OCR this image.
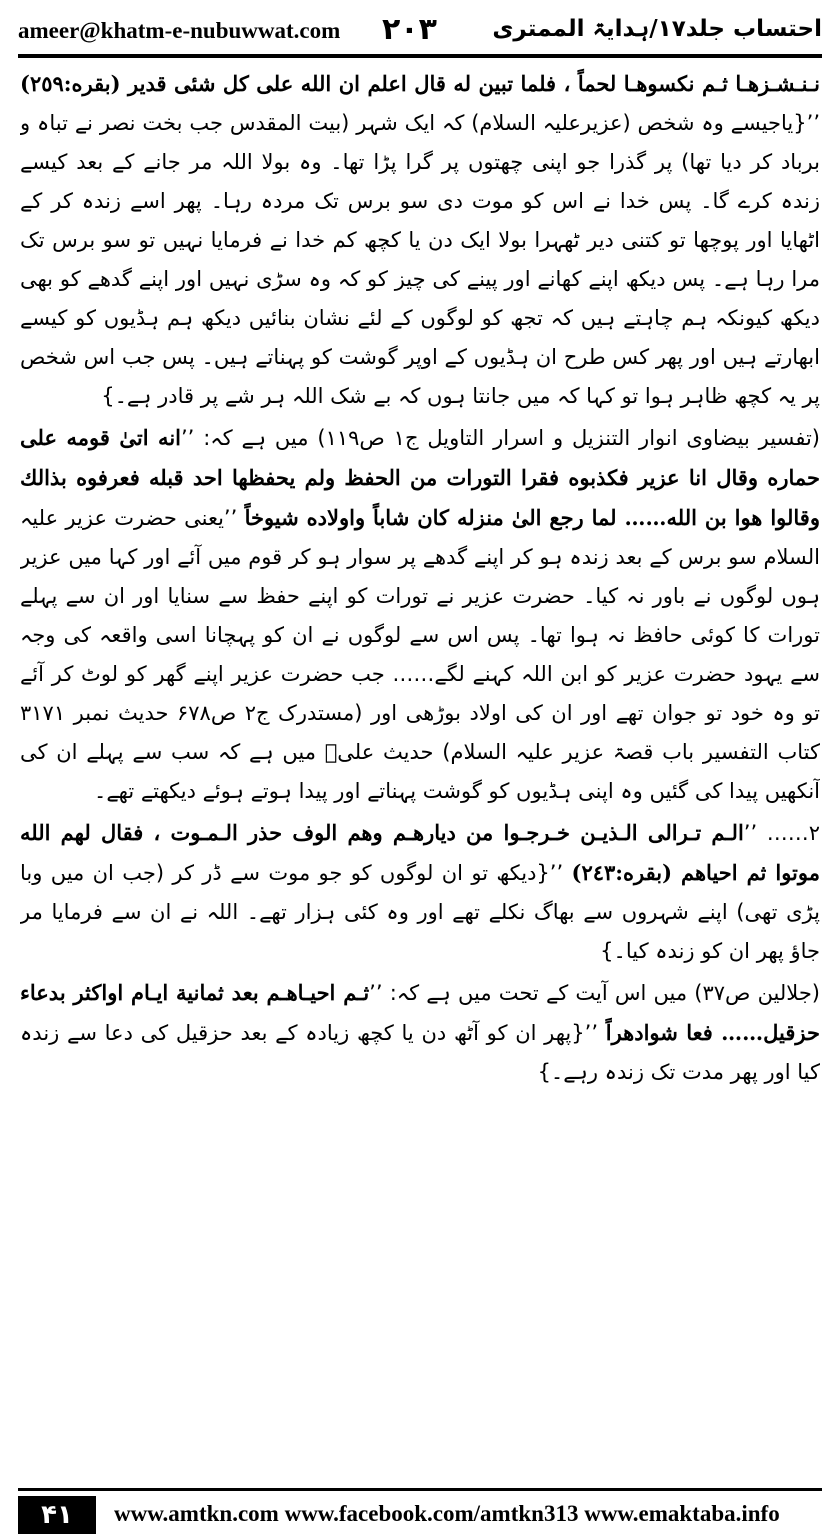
ameer@khatm-e-nubuwwat.com ۲۰۳ احتساب جلد۱۷/ہدایۃ الممتری

نـنـشـزهـا ثـم نكسوهـا لحماً ، فلما تبين له قال اعلم ان الله على كل شئى قدير (بقره:٢٥٩) ’’{یاجیسے وہ شخص (عزیرعلیہ السلام) کہ ایک شہر (بیت المقدس جب بخت نصر نے تباہ و برباد کر دیا تھا) پر گذرا جو اپنی چھتوں پر گرا پڑا تھا۔ وہ بولا اللہ مر جانے کے بعد کیسے زندہ کرے گا۔ پس خدا نے اس کو موت دی سو برس تک مردہ رہا۔ پھر اسے زندہ کر کے اٹھایا اور پوچھا تو کتنی دیر ٹھہرا بولا ایک دن یا کچھ کم خدا نے فرمایا نہیں تو سو برس تک مرا رہا ہے۔ پس دیکھ اپنے کھانے اور پینے کی چیز کو کہ وہ سڑی نہیں اور اپنے گدھے کو بھی دیکھ کیونکہ ہم چاہتے ہیں کہ تجھ کو لوگوں کے لئے نشان بنائیں دیکھ ہم ہڈیوں کو کیسے ابھارتے ہیں اور پھر کس طرح ان ہڈیوں کے اوپر گوشت کو پہناتے ہیں۔ پس جب اس شخص پر یہ کچھ ظاہر ہوا تو کہا کہ میں جانتا ہوں کہ بے شک اللہ ہر شے پر قادر ہے۔}

(تفسیر بیضاوی انوار التنزیل و اسرار التاویل ج۱ ص۱۱۹) میں ہے کہ: ’’انه اتىٰ قومه على حماره وقال انا عزير فكذبوه فقرا التورات من الحفظ ولم يحفظها احد قبله فعرفوه بذالك وقالوا هوا بن الله…… لما رجع الىٰ منزله كان شاباً واولاده شيوخاً ’’یعنی حضرت عزیر علیہ السلام سو برس کے بعد زندہ ہو کر اپنے گدھے پر سوار ہو کر قوم میں آئے اور کہا میں عزیر ہوں لوگوں نے باور نہ کیا۔ حضرت عزیر نے تورات کو اپنے حفظ سے سنایا اور ان سے پہلے تورات کا کوئی حافظ نہ ہوا تھا۔ پس اس سے لوگوں نے ان کو پہچانا اسی واقعہ کی وجہ سے یہود حضرت عزیر کو ابن اللہ کہنے لگے…… جب حضرت عزیر اپنے گھر کو لوٹ کر آئے تو وہ خود تو جوان تھے اور ان کی اولاد بوڑھی اور (مستدرک ج۲ ص۶۷۸ حدیث نمبر ۳۱۷۱ کتاب التفسیر باب قصۃ عزیر علیہ السلام) حدیث علیؓ میں ہے کہ سب سے پہلے ان کی آنکھیں پیدا کی گئیں وہ اپنی ہڈیوں کو گوشت پہناتے اور پیدا ہوتے ہوئے دیکھتے تھے۔

۲…… ’’الـم تـرالى الـذيـن خـرجـوا من ديارهـم وهم الوف حذر الـمـوت ، فقال لهم الله موتوا ثم احياهم (بقره:٢٤٣) ’’{دیکھ تو ان لوگوں کو جو موت سے ڈر کر (جب ان میں وبا پڑی تھی) اپنے شہروں سے بھاگ نکلے تھے اور وہ کئی ہزار تھے۔ اللہ نے ان سے فرمایا مر جاؤ پھر ان کو زندہ کیا۔}

(جلالین ص۳۷) میں اس آیت کے تحت میں ہے کہ: ’’ثـم احيـاهـم بعد ثمانية ايـام اواكثر بدعاء حزقيل…… فعا شوادهراً ’’{پھر ان کو آٹھ دن یا کچھ زیادہ کے بعد حزقیل کی دعا سے زندہ کیا اور پھر مدت تک زندہ رہے۔}

۴۱	www.amtkn.com www.facebook.com/amtkn313 www.emaktaba.info
